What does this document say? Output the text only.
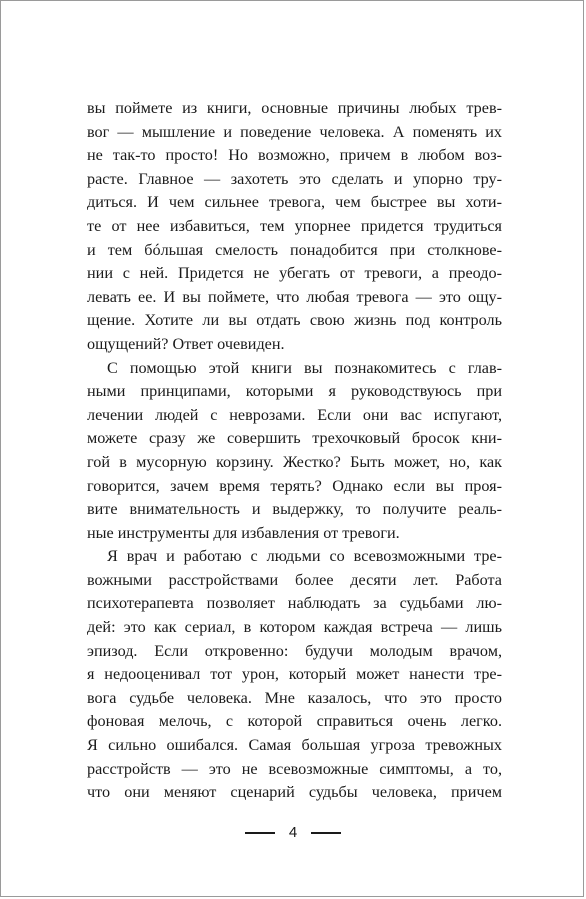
вы поймете из книги, основные причины любых трев-
вог — мышление и поведение человека. А поменять их
не так-то просто! Но возможно, причем в любом воз-
расте. Главное — захотеть это сделать и упорно тру-
диться. И чем сильнее тревога, чем быстрее вы хоти-
те от нее избавиться, тем упорнее придется трудиться
и тем бóльшая смелость понадобится при столкнове-
нии с ней. Придется не убегать от тревоги, а преодо-
левать ее. И вы поймете, что любая тревога — это ощу-
щение. Хотите ли вы отдать свою жизнь под контроль
ощущений? Ответ очевиден.
С помощью этой книги вы познакомитесь с глав-
ными принципами, которыми я руководствуюсь при
лечении людей с неврозами. Если они вас испугают,
можете сразу же совершить трехочковый бросок кни-
гой в мусорную корзину. Жестко? Быть может, но, как
говорится, зачем время терять? Однако если вы проя-
вите внимательность и выдержку, то получите реаль-
ные инструменты для избавления от тревоги.
Я врач и работаю с людьми со всевозможными тре-
вожными расстройствами более десяти лет. Работа
психотерапевта позволяет наблюдать за судьбами лю-
дей: это как сериал, в котором каждая встреча — лишь
эпизод. Если откровенно: будучи молодым врачом,
я недооценивал тот урон, который может нанести тре-
вога судьбе человека. Мне казалось, что это просто
фоновая мелочь, с которой справиться очень легко.
Я сильно ошибался. Самая большая угроза тревожных
расстройств — это не всевозможные симптомы, а то,
что они меняют сценарий судьбы человека, причем
4
